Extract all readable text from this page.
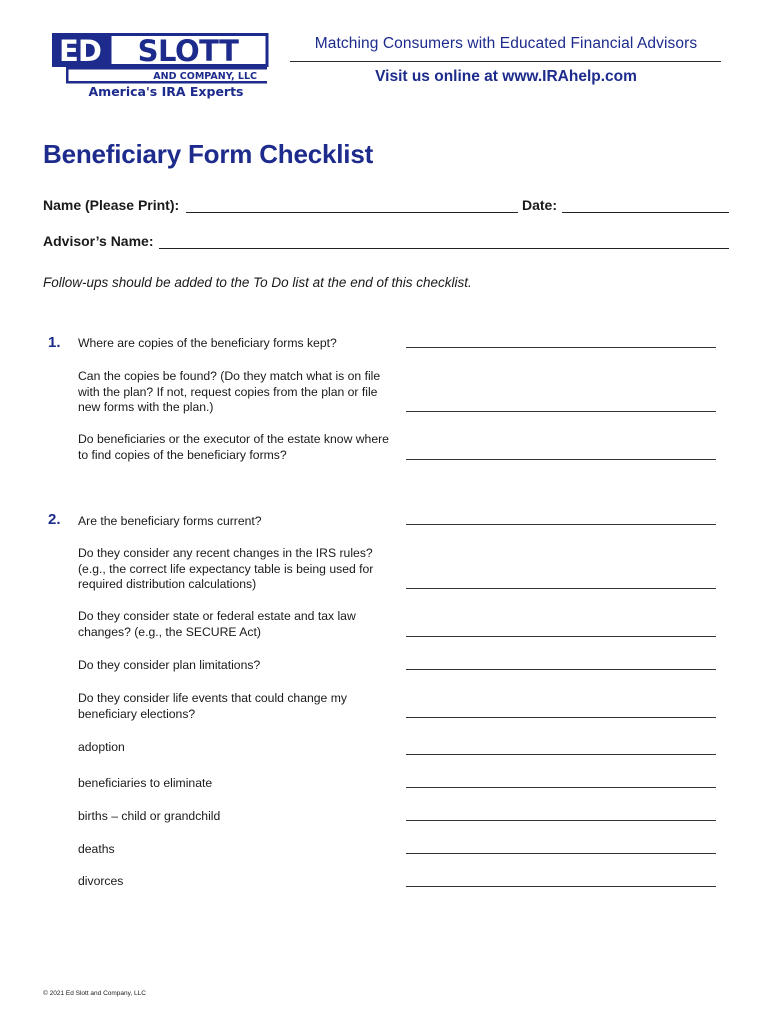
ED SLOTT
AND COMPANY, LLC
America's IRA Experts
Matching Consumers with Educated Financial Advisors
Visit us online at www.IRAhelp.com
Beneficiary Form Checklist
Name (Please Print):	Date:
Advisor’s Name:
Follow-ups should be added to the To Do list at the end of this checklist.
1. Where are copies of the beneficiary forms kept?
Can the copies be found? (Do they match what is on file with the plan? If not, request copies from the plan or file new forms with the plan.)
Do beneficiaries or the executor of the estate know where to find copies of the beneficiary forms?
2. Are the beneficiary forms current?
Do they consider any recent changes in the IRS rules? (e.g., the correct life expectancy table is being used for required distribution calculations)
Do they consider state or federal estate and tax law changes? (e.g., the SECURE Act)
Do they consider plan limitations?
Do they consider life events that could change my beneficiary elections?
adoption
beneficiaries to eliminate
births – child or grandchild
deaths
divorces
© 2021 Ed Slott and Company, LLC
